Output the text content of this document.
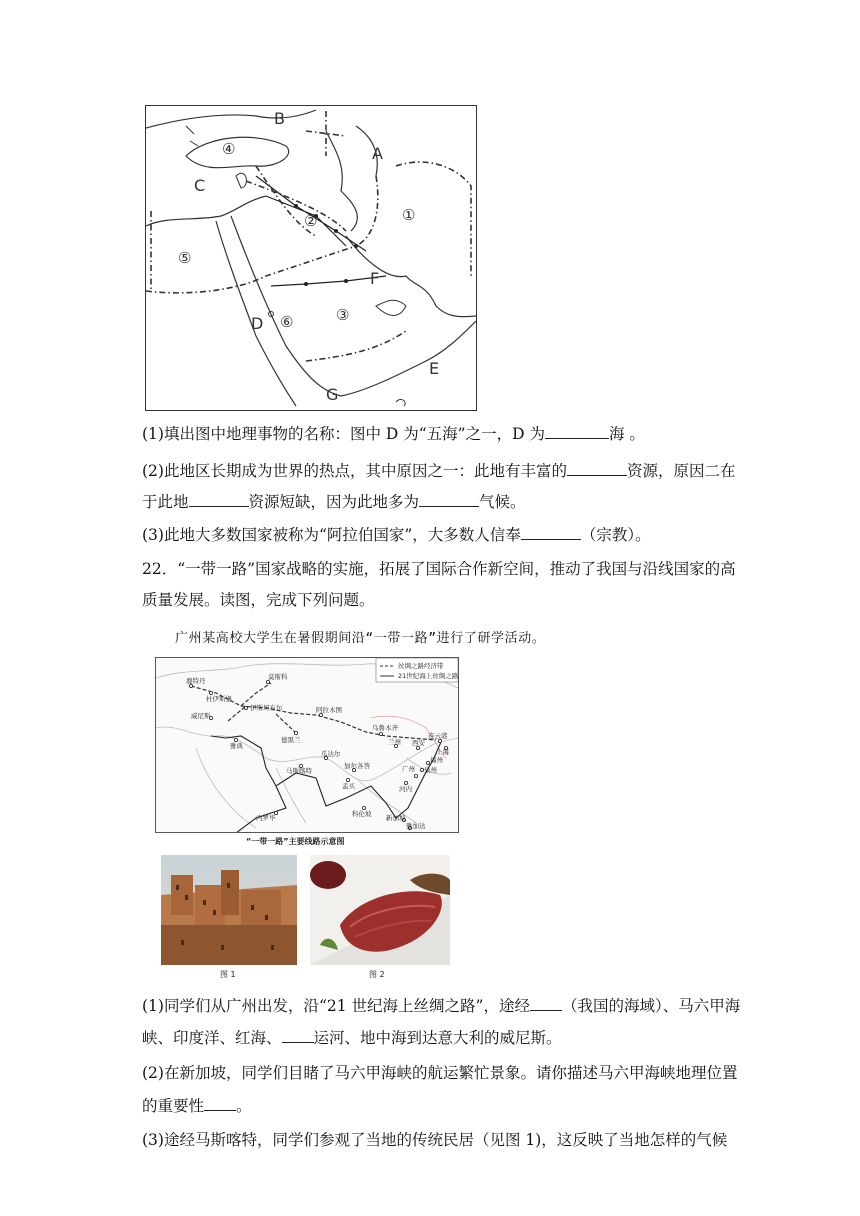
B
④	A
C
①
②
⑤
F
D ⑥	③
E
G
(1)填出图中地理事物的名称：图中 D 为“五海”之一，D 为	海 。
(2)此地区长期成为世界的热点，其中原因之一：此地有丰富的	资源，原因二在
于此地	资源短缺，因为此地多为	气候。
(3)此地大多数国家被称为“阿拉伯国家”，大多数人信奉	（宗教）。
22．“一带一路”国家战略的实施，拓展了国际合作新空间，推动了我国与沿线国家的高
质量发展。读图，完成下列问题。
广州某高校大学生在暑假期间沿“一带一路”进行了研学活动。
丝绸之路经济带
21世纪海上丝绸之路
莫斯科
鹿特丹
杜伊斯堡
威尼斯
雅典
伊斯坦布尔	阿拉木图
德黑兰
乌鲁木齐
兰州 西安
连云港
上海
福州
泉州
广州
瓜达尔
马斯喀特
加尔各答
孟买	河内
科伦坡
内罗毕	新加坡
雅加达
“一带一路”主要线路示意图
图 1	图 2
(1)同学们从广州出发，沿“21 世纪海上丝绸之路”，途经 （我国的海域）、马六甲海
峡、印度洋、红海、 运河、地中海到达意大利的威尼斯。
(2)在新加坡，同学们目睹了马六甲海峡的航运繁忙景象。请你描述马六甲海峡地理位置
的重要性 。
(3)途经马斯喀特，同学们参观了当地的传统民居（见图 1)，这反映了当地怎样的气候
